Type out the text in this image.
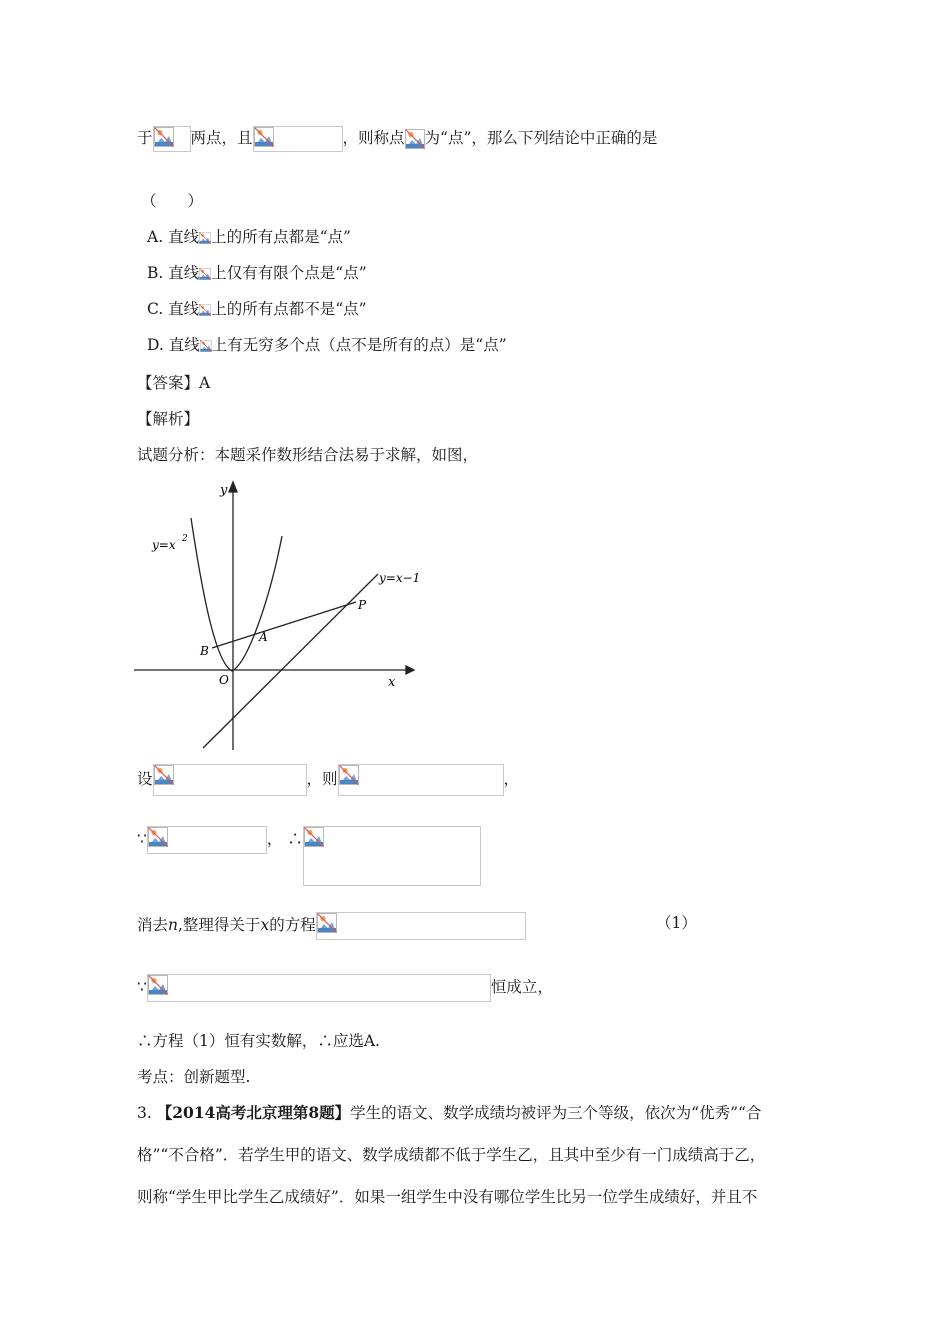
于 两点，且	，则称点 为“点”，那么下列结论中正确的是
（　　）
A. 直线 上的所有点都是“点”
B. 直线 上仅有有限个点是“点”
C. 直线 上的所有点都不是“点”
D. 直线 上有无穷多个点（点不是所有的点）是“点”
【答案】A
【解析】
试题分析：本题采作数形结合法易于求解，如图，
y
x
O
y=x 2
y=x−1
P
A
B
设	，则	，
∵	， ∴
消去n,整理得关于x的方程	（1）
∵	恒成立，
∴方程（1）恒有实数解，∴应选A.
考点：创新题型.
3. 【2014高考北京理第8题】学生的语文、数学成绩均被评为三个等级，依次为“优秀”“合
格”“不合格”．若学生甲的语文、数学成绩都不低于学生乙，且其中至少有一门成绩高于乙，
则称“学生甲比学生乙成绩好”．如果一组学生中没有哪位学生比另一位学生成绩好，并且不
